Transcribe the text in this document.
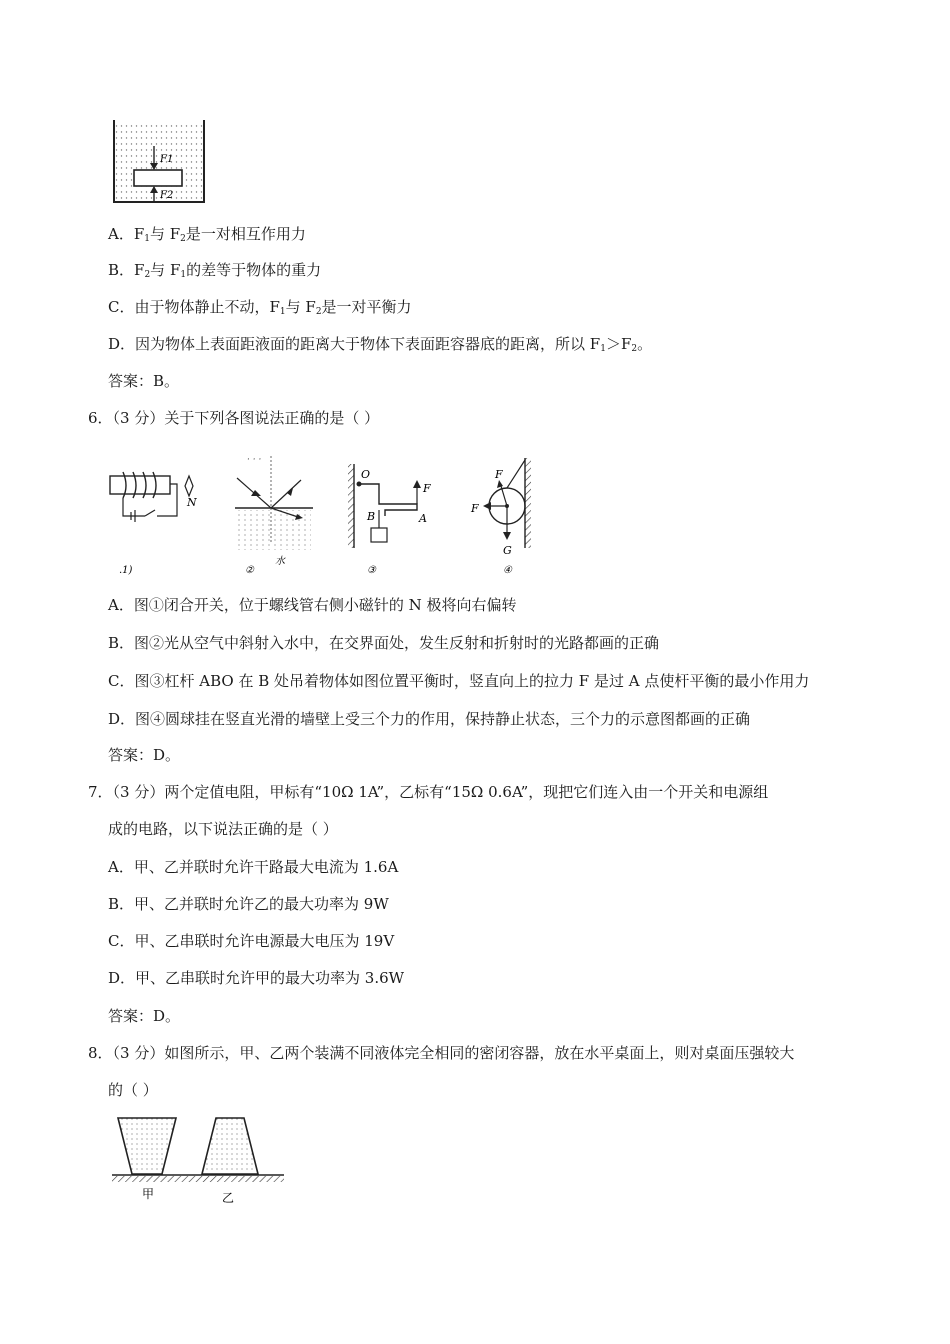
F1
F2
A．$F_1$与 $F_2$是一对相互作用力
B．$F_2$与 $F_1$的差等于物体的重力
C．由于物体静止不动，$F_1$与 $F_2$是一对平衡力
D．因为物体上表面距液面的距离大于物体下表面距容器底的距离，所以 $F_1>F_2$。
答案：B。
6．（3 分）关于下列各图说法正确的是（ ）
N
.1)
· · ·
水
②
O
B	A
F
③
F
F
G
④
A．图①闭合开关，位于螺线管右侧小磁针的 N 极将向右偏转
B．图②光从空气中斜射入水中，在交界面处，发生反射和折射时的光路都画的正确
C．图③杠杆 ABO 在 B 处吊着物体如图位置平衡时，竖直向上的拉力 F 是过 A 点使杆平衡的最小作用力
D．图④圆球挂在竖直光滑的墙壁上受三个力的作用，保持静止状态，三个力的示意图都画的正确
答案：D。
7．（3 分）两个定值电阻，甲标有“10Ω 1A”，乙标有“15Ω 0.6A”，现把它们连入由一个开关和电源组
成的电路，以下说法正确的是（ ）
A．甲、乙并联时允许干路最大电流为 1.6A
B．甲、乙并联时允许乙的最大功率为 9W
C．甲、乙串联时允许电源最大电压为 19V
D．甲、乙串联时允许甲的最大功率为 3.6W
答案：D。
8．（3 分）如图所示，甲、乙两个装满不同液体完全相同的密闭容器，放在水平桌面上，则对桌面压强较大
的（ ）
甲	乙
